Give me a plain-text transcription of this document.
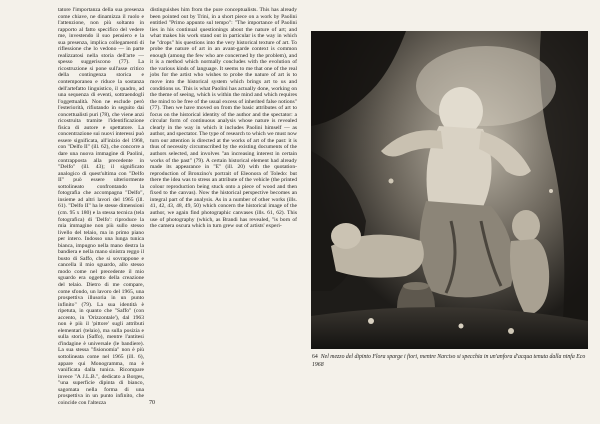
tatore l'importanza della sua presenza come chiave, ne dinamizza il ruolo e l'attenzione, non più soltanto in rapporto al fatto specifico del vedere me, investendo il suo pensiero e la sua presenza, implica collegamenti di riflessione che lo vedono — in parte realizzatosi nella storia dell'arte — spesso suggeriscono (77). La ricostruzione si pone sull'asse critico della contingenza storica e contemporanea e riduce la sostanza dell'artefatto linguistico, il quadro, ad una sequenza di eventi, sottraendogli l'oggettualità. Non ne esclude però l'esteriorità, rifiutando in seguito dai concettualisti puri (78), che viene anzi ricostruita tramite l'identificazione fisica di autore e spettatore. La concentrazione sui nuovi interessi può essere significata, all'inizio del 1968, con "Delfo II" (ill. 62), che concorre a dare una nuova immagine di Paolini, contrapposta alla precedente in "Delfo" (ill. 43); il significato analogico di quest'ultima con "Delfo II" può essere ulteriormente sottolineato confrontando la fotografia che accompagna "Delfo", insieme ad altri lavori del 1965 (ill. 61). "Delfo II" ha le stesse dimensioni (cm. 95 x 180) e la stessa tecnica (tela fotografica) di 'Delfo': riproduce la mia immagine non più sullo stesso livello del telaio, ma in primo piano per intero. Indosso una lunga tunica bianca, impugno nella mano destra la bandiera e nella mano sinistra reggo il busto di Saffo, che si sovrappone e cancella il mio sguardo, allo stesso modo come nel precedente il mio sguardo era oggetto della creazione del telaio. Dietro di me compare, come sfondo, un lavoro del 1965, una prospettiva illusoria in un punto infinito" (79). La sua identità è ripetuta, in quanto che "Saffo" (con accento, in 'Orizzontale'), dal 1963 non è più il 'pittore' sugli attributi elementari (telaio), ma sulla posizia e sulla storia (Saffo), mentre l'antitesi d'indagine è universale (le bandiere). La sua stessa "fisionomia" non è più sottolineata come nel 1965 (ill. 6), appare qui Monogramma, ma è vanificata dalla tunica. Ricompare invece "A J.L.B.", dedicato a Borges, "una superficie dipinta di bianco, sagomata nella forma di una prospettiva in un punto infinito, che coincide con l'altezza

distinguishes him from the pure conceptualists. This has already been pointed out by Trini, in a short piece on a work by Paolini entitled "Primo appunto sul tempo": "The importance of Paolini lies in his continual questionings about the nature of art; and what makes his work stand out in particular is the way in which he "drops" his questions into the very historical texture of art. To probe the nature of art in an avant-garde context is common enough (among the few who are concerned by the problem), and it is a method which normally concludes with the evolution of the various kinds of language. It seems to me that one of the real jobs for the artist who wishes to probe the nature of art is to move into the historical system which brings art to us and conditions us. This is what Paolini has actually done, working on the theme of seeing, which is within the mind and which requires the mind to be free of the usual excess of inherited false notions" (77). Then we have moved on from the basic attributes of art to focus on the historical identity of the author and the spectator: a circular form of continuous analysis whose nature is revealed clearly in the way in which it includes Paolini himself — as author, and spectator. The type of research to which we must now turn our attention is directed at the works of art of the past: it is thus of necessity circumscribed by the existing documents of the authors selected, and involves "an increasing interest in certain works of the past" (79). A certain historical element had already made its appearance in "E" (ill. 20) with the quotation-reproduction of Bronzino's portrait of Eleonora of Toledo: but there the idea was to stress an attribute of the vehicle (the printed colour reproduction being stuck onto a piece of wood and then fixed to the canvas). Now the historical perspective becomes an integral part of the analysis. As in a number of other works (ills. 41, 42, 43, 48, 49, 50) which concern the historical image of the author, we again find photographic canvases (ills. 61, 62). This use of photography (which, as Brandi has revealed, "is born of the camera oscura which in turn grew out of artists' experi-

70
64 Nel mezzo del dipinto Flora sparge i fiori, mentre Narciso si specchia in un'anfora d'acqua tenuta dalla ninfa Eco 1968
